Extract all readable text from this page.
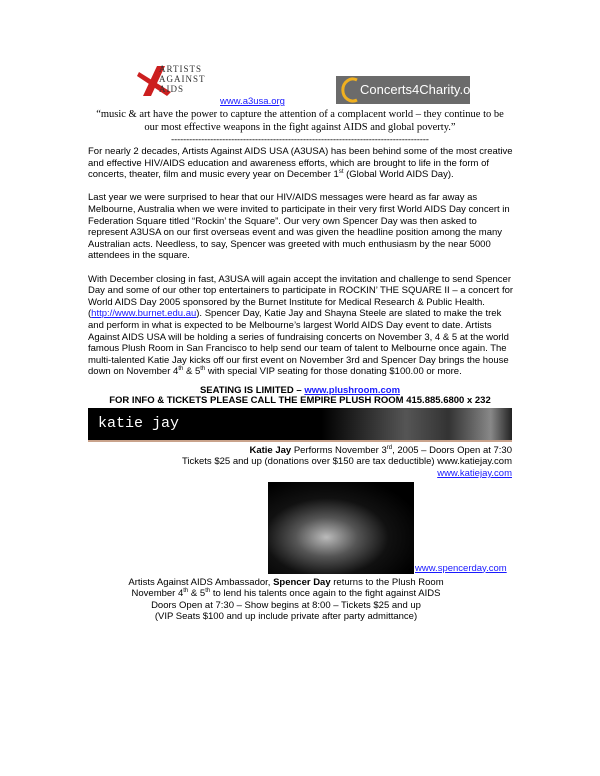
ARTISTS
AGAINST
AIDS
www.a3usa.org
Concerts4Charity.org
“music & art have the power to capture the attention of a complacent world – they continue to be
our most effective weapons in the fight against AIDS and global poverty.”
--------------------------------------------------------------------------------------

For nearly 2 decades, Artists Against AIDS USA (A3USA) has been behind some of the most creative and effective HIV/AIDS education and awareness efforts, which are brought to life in the form of concerts, theater, film and music every year on December 1st (Global World AIDS Day).

Last year we were surprised to hear that our HIV/AIDS messages were heard as far away as Melbourne, Australia when we were invited to participate in their very first World AIDS Day concert in Federation Square titled “Rockin’ the Square”. Our very own Spencer Day was then asked to represent A3USA on our first overseas event and was given the headline position among the many Australian acts. Needless, to say, Spencer was greeted with much enthusiasm by the near 5000 attendees in the square.

With December closing in fast, A3USA will again accept the invitation and challenge to send Spencer Day and some of our other top entertainers to participate in ROCKIN’ THE SQUARE II – a concert for World AIDS Day 2005 sponsored by the Burnet Institute for Medical Research & Public Health. (http://www.burnet.edu.au). Spencer Day, Katie Jay and Shayna Steele are slated to make the trek and perform in what is expected to be Melbourne’s largest World AIDS Day event to date. Artists Against AIDS USA will be holding a series of fundraising concerts on November 3, 4 & 5 at the world famous Plush Room in San Francisco to help send our team of talent to Melbourne once again. The multi-talented Katie Jay kicks off our first event on November 3rd and Spencer Day brings the house down on November 4th & 5th with special VIP seating for those donating $100.00 or more.

SEATING IS LIMITED – www.plushroom.com
FOR INFO & TICKETS PLEASE CALL THE EMPIRE PLUSH ROOM 415.885.6800 x 232
katie jay
Katie Jay Performs November 3rd, 2005 – Doors Open at 7:30
Tickets $25 and up (donations over $150 are tax deductible) www.katiejay.com
www.katiejay.com
www.spencerday.com
Artists Against AIDS Ambassador, Spencer Day returns to the Plush Room
November 4th & 5th to lend his talents once again to the fight against AIDS
Doors Open at 7:30 – Show begins at 8:00 – Tickets $25 and up
(VIP Seats $100 and up include private after party admittance)
